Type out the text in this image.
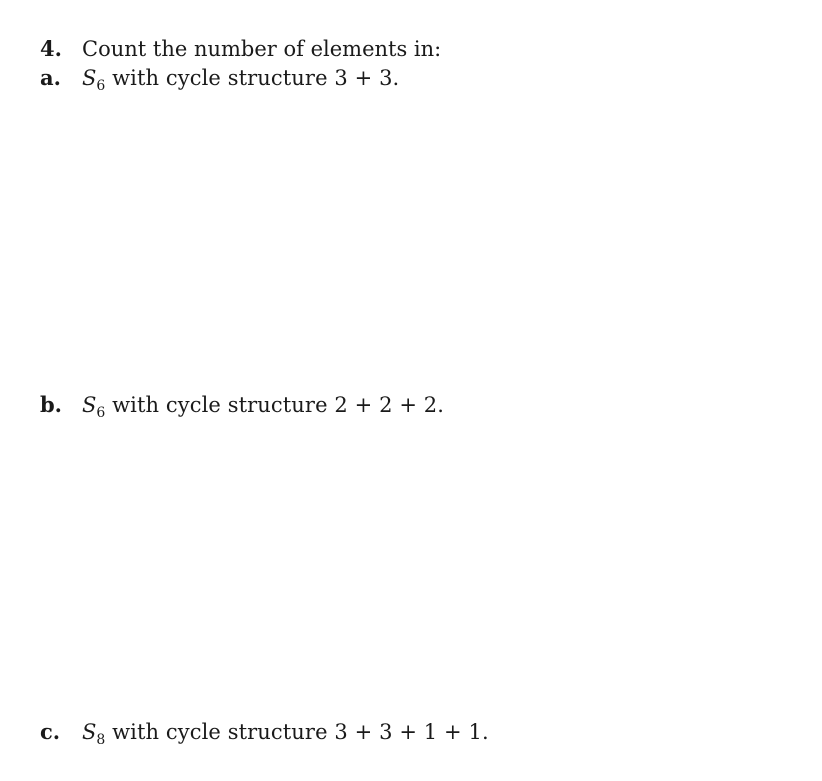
4. Count the number of elements in:
a. $S_6$ with cycle structure 3 + 3.
b. $S_6$ with cycle structure 2 + 2 + 2.
c. $S_8$ with cycle structure 3 + 3 + 1 + 1.
